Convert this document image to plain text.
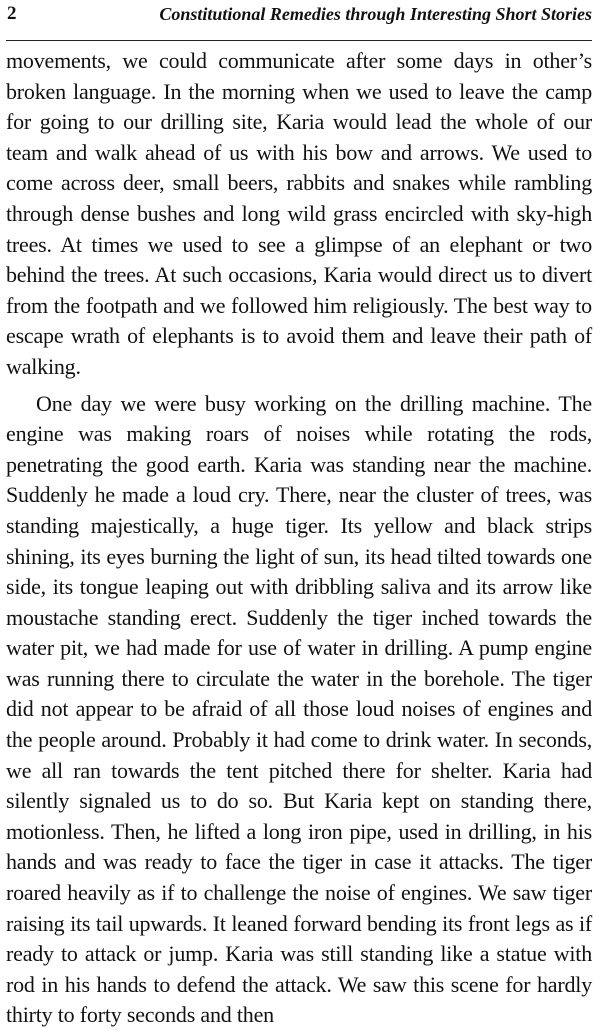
2	Constitutional Remedies through Interesting Short Stories

movements, we could communicate after some days in other’s broken language. In the morning when we used to leave the camp for going to our drilling site, Karia would lead the whole of our team and walk ahead of us with his bow and arrows. We used to come across deer, small beers, rabbits and snakes while rambling through dense bushes and long wild grass encircled with sky-high trees. At times we used to see a glimpse of an elephant or two behind the trees. At such occasions, Karia would direct us to divert from the footpath and we followed him religiously. The best way to escape wrath of elephants is to avoid them and leave their path of walking.

One day we were busy working on the drilling machine. The engine was making roars of noises while rotating the rods, penetrating the good earth. Karia was standing near the machine. Suddenly he made a loud cry. There, near the cluster of trees, was standing majestically, a huge tiger. Its yellow and black strips shining, its eyes burning the light of sun, its head tilted towards one side, its tongue leaping out with dribbling saliva and its arrow like moustache standing erect. Suddenly the tiger inched towards the water pit, we had made for use of water in drilling. A pump engine was running there to circulate the water in the borehole. The tiger did not appear to be afraid of all those loud noises of engines and the people around. Probably it had come to drink water. In seconds, we all ran towards the tent pitched there for shelter. Karia had silently signaled us to do so. But Karia kept on standing there, motionless. Then, he lifted a long iron pipe, used in drilling, in his hands and was ready to face the tiger in case it attacks. The tiger roared heavily as if to challenge the noise of engines. We saw tiger raising its tail upwards. It leaned forward bending its front legs as if ready to attack or jump. Karia was still standing like a statue with rod in his hands to defend the attack. We saw this scene for hardly thirty to forty seconds and then
